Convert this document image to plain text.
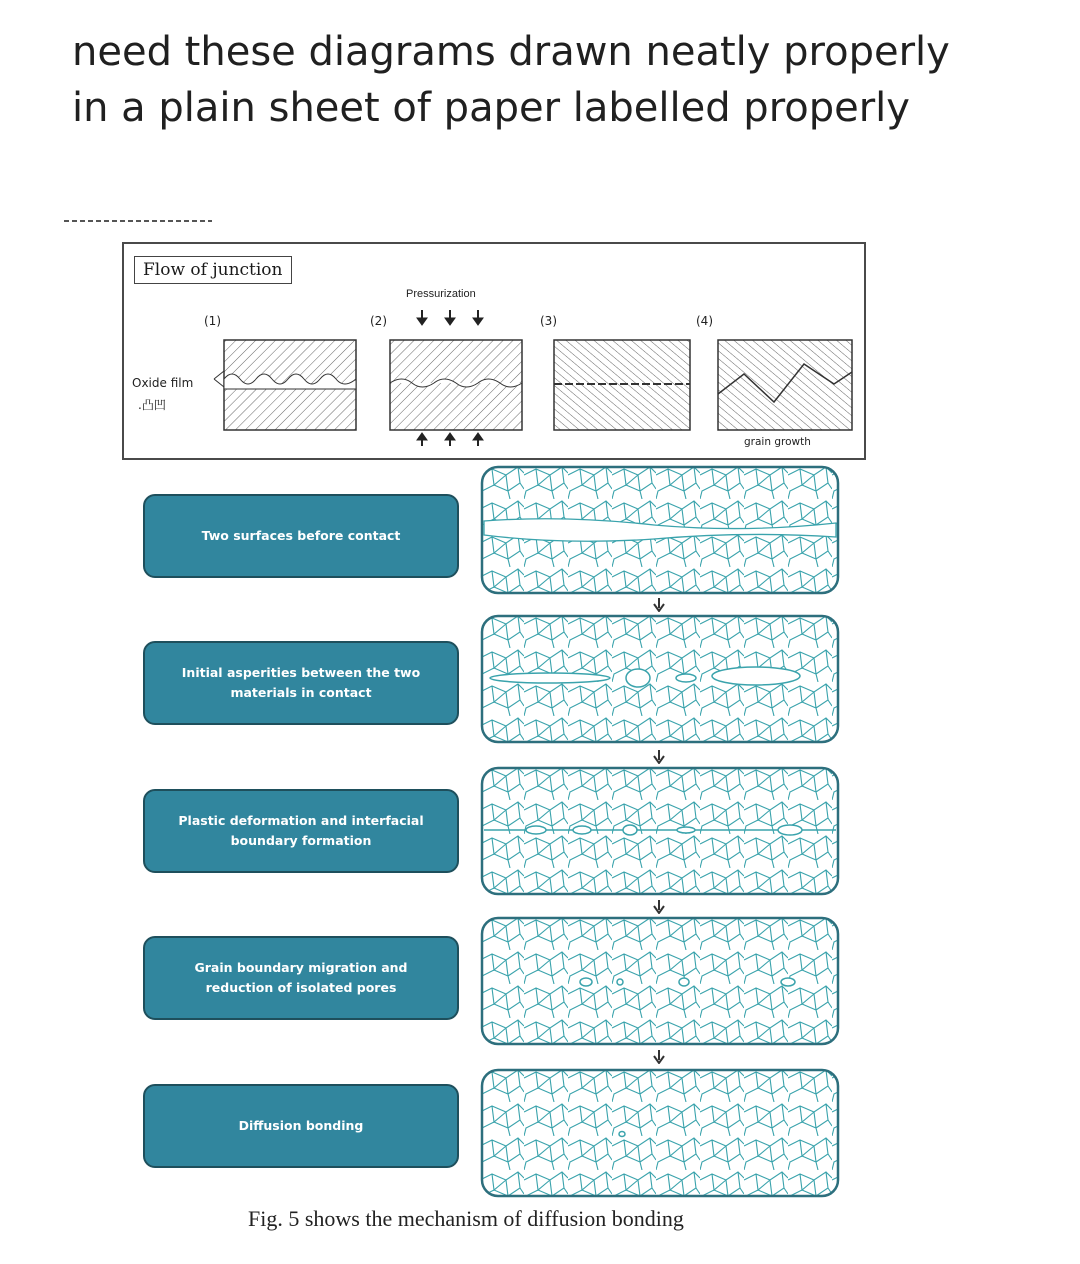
need these diagrams drawn neatly properly
in a plain sheet of paper labelled properly
Flow of junction
Pressurization
(1)	(2)	(3)	(4)
Oxide film
.凸凹
grain growth
Two surfaces before contact
Initial asperities between the two materials in contact
Plastic deformation and interfacial boundary formation
Grain boundary migration and reduction of isolated pores
Diffusion bonding
Fig. 5 shows the mechanism of diffusion bonding
